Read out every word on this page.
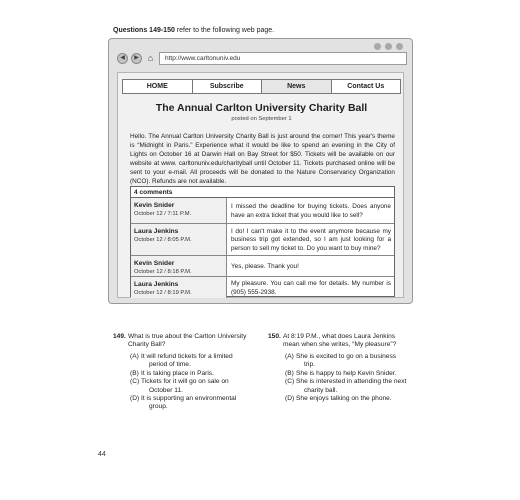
Questions 149-150 refer to the following web page.
◀	▶ ⌂	http://www.carltonuniv.edu
HOME	Subscribe	News	Contact Us
The Annual Carlton University Charity Ball
posted on September 1
Hello. The Annual Carlton University Charity Ball is just around the corner! This year's theme is “Midnight in Paris.” Experience what it would be like to spend an evening in the City of Lights on October 16 at Darwin Hall on Bay Street for $50. Tickets will be available on our website at www. carltonuniv.edu/charityball until October 11. Tickets purchased online will be sent to your e-mail. All proceeds will be donated to the Nature Conservancy Organization (NCO). Refunds are not available.
4 comments
Kevin Snider
October 12 / 7:11 P.M.
I missed the deadline for buying tickets. Does anyone have an extra ticket that you would like to sell?
Laura Jenkins
October 12 / 8:05 P.M.
I do! I can't make it to the event anymore because my business trip got extended, so I am just looking for a person to sell my ticket to. Do you want to buy mine?
Kevin Snider
October 12 / 8:18 P.M.
Yes, please. Thank you!
Laura Jenkins
October 12 / 8:19 P.M.
My pleasure. You can call me for details. My number is (905) 555-2938.
149. What is true about the Carlton University
Charity Ball?
(A) It will refund tickets for a limited
period of time.
(B) It is taking place in Paris.
(C) Tickets for it will go on sale on
October 11.
(D) It is supporting an environmental
group.
150. At 8:19 P.M., what does Laura Jenkins
mean when she writes, “My pleasure”?
(A) She is excited to go on a business
trip.
(B) She is happy to help Kevin Snider.
(C) She is interested in attending the next
charity ball.
(D) She enjoys talking on the phone.
44
